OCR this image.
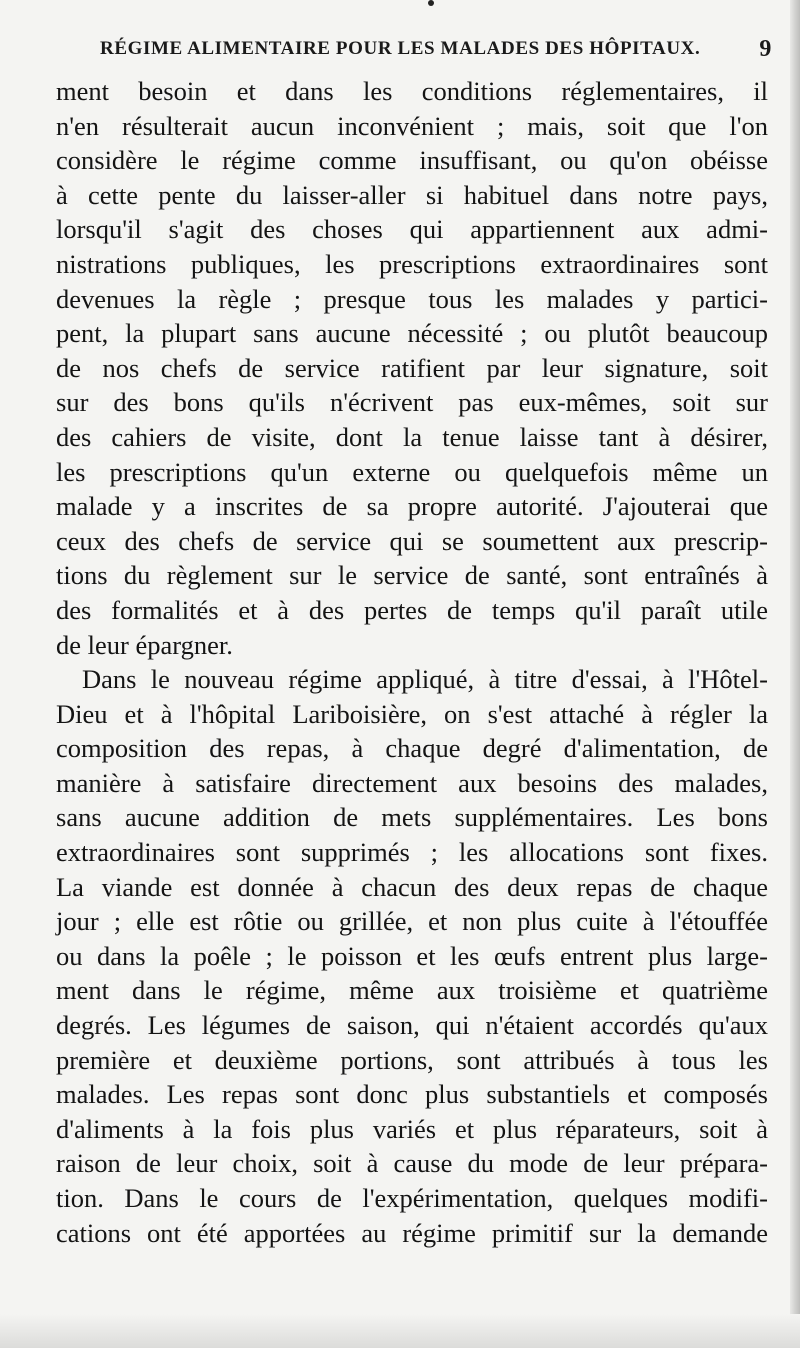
RÉGIME ALIMENTAIRE POUR LES MALADES DES HÔPITAUX. 9
ment besoin et dans les conditions réglementaires, il
n'en résulterait aucun inconvénient ; mais, soit que l'on
considère le régime comme insuffisant, ou qu'on obéisse
à cette pente du laisser-aller si habituel dans notre pays,
lorsqu'il s'agit des choses qui appartiennent aux admi-
nistrations publiques, les prescriptions extraordinaires sont
devenues la règle ; presque tous les malades y partici-
pent, la plupart sans aucune nécessité ; ou plutôt beaucoup
de nos chefs de service ratifient par leur signature, soit
sur des bons qu'ils n'écrivent pas eux-mêmes, soit sur
des cahiers de visite, dont la tenue laisse tant à désirer,
les prescriptions qu'un externe ou quelquefois même un
malade y a inscrites de sa propre autorité. J'ajouterai que
ceux des chefs de service qui se soumettent aux prescrip-
tions du règlement sur le service de santé, sont entraînés à
des formalités et à des pertes de temps qu'il paraît utile
de leur épargner.
Dans le nouveau régime appliqué, à titre d'essai, à l'Hôtel-
Dieu et à l'hôpital Lariboisière, on s'est attaché à régler la
composition des repas, à chaque degré d'alimentation, de
manière à satisfaire directement aux besoins des malades,
sans aucune addition de mets supplémentaires. Les bons
extraordinaires sont supprimés ; les allocations sont fixes.
La viande est donnée à chacun des deux repas de chaque
jour ; elle est rôtie ou grillée, et non plus cuite à l'étouffée
ou dans la poêle ; le poisson et les œufs entrent plus large-
ment dans le régime, même aux troisième et quatrième
degrés. Les légumes de saison, qui n'étaient accordés qu'aux
première et deuxième portions, sont attribués à tous les
malades. Les repas sont donc plus substantiels et composés
d'aliments à la fois plus variés et plus réparateurs, soit à
raison de leur choix, soit à cause du mode de leur prépara-
tion. Dans le cours de l'expérimentation, quelques modifi-
cations ont été apportées au régime primitif sur la demande
